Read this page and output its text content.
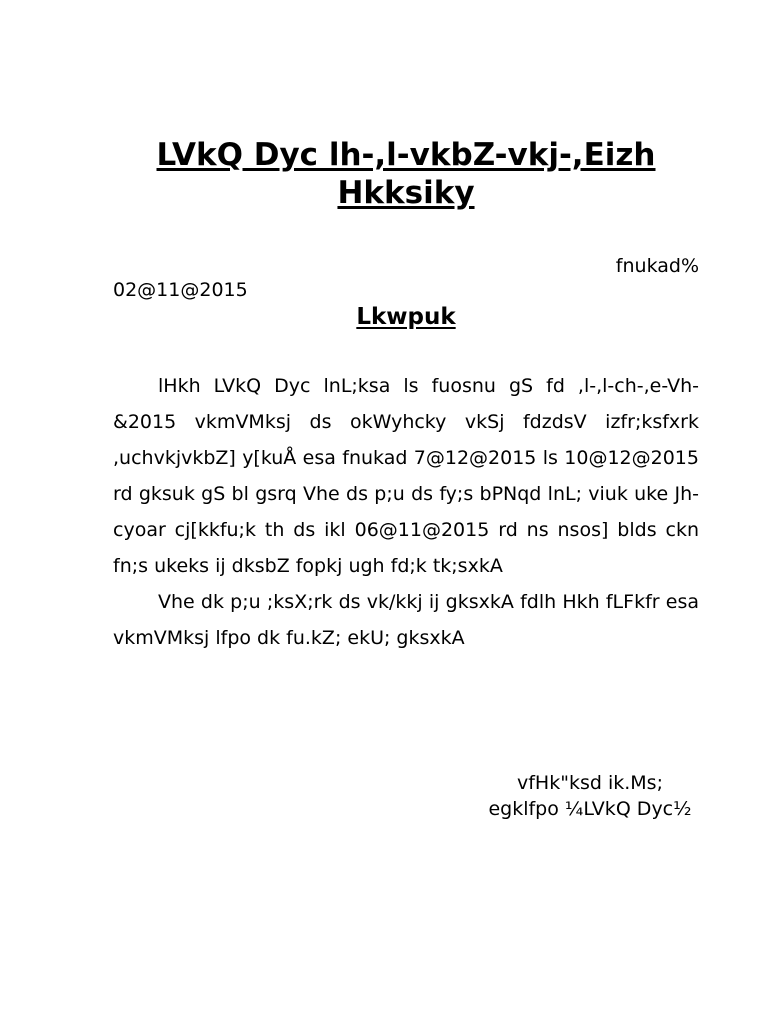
LVkQ Dyc lh-,l-vkbZ-vkj-,Eizh
Hkksiky
fnukad%
02@11@2015
Lkwpuk

lHkh LVkQ Dyc lnL;ksa ls fuosnu gS fd ,l-,l-ch-,e-Vh-&2015 vkmVMksj ds okWyhcky vkSj fdzdsV izfr;ksfxrk ,uchvkjvkbZ] y[kuÅ esa fnukad 7@12@2015 ls 10@12@2015 rd gksuk gS bl gsrq Vhe ds p;u ds fy;s bPNqd lnL; viuk uke Jh-cyoar cj[kkfu;k th ds ikl 06@11@2015 rd ns nsos] blds ckn fn;s ukeks ij dksbZ fopkj ugh fd;k tk;sxkA

Vhe dk p;u ;ksX;rk ds vk/kkj ij gksxkA fdlh Hkh fLFkfr esa vkmVMksj lfpo dk fu.kZ; ekU; gksxkA

vfHk"ksd ik.Ms;
egklfpo ¼LVkQ Dyc½
